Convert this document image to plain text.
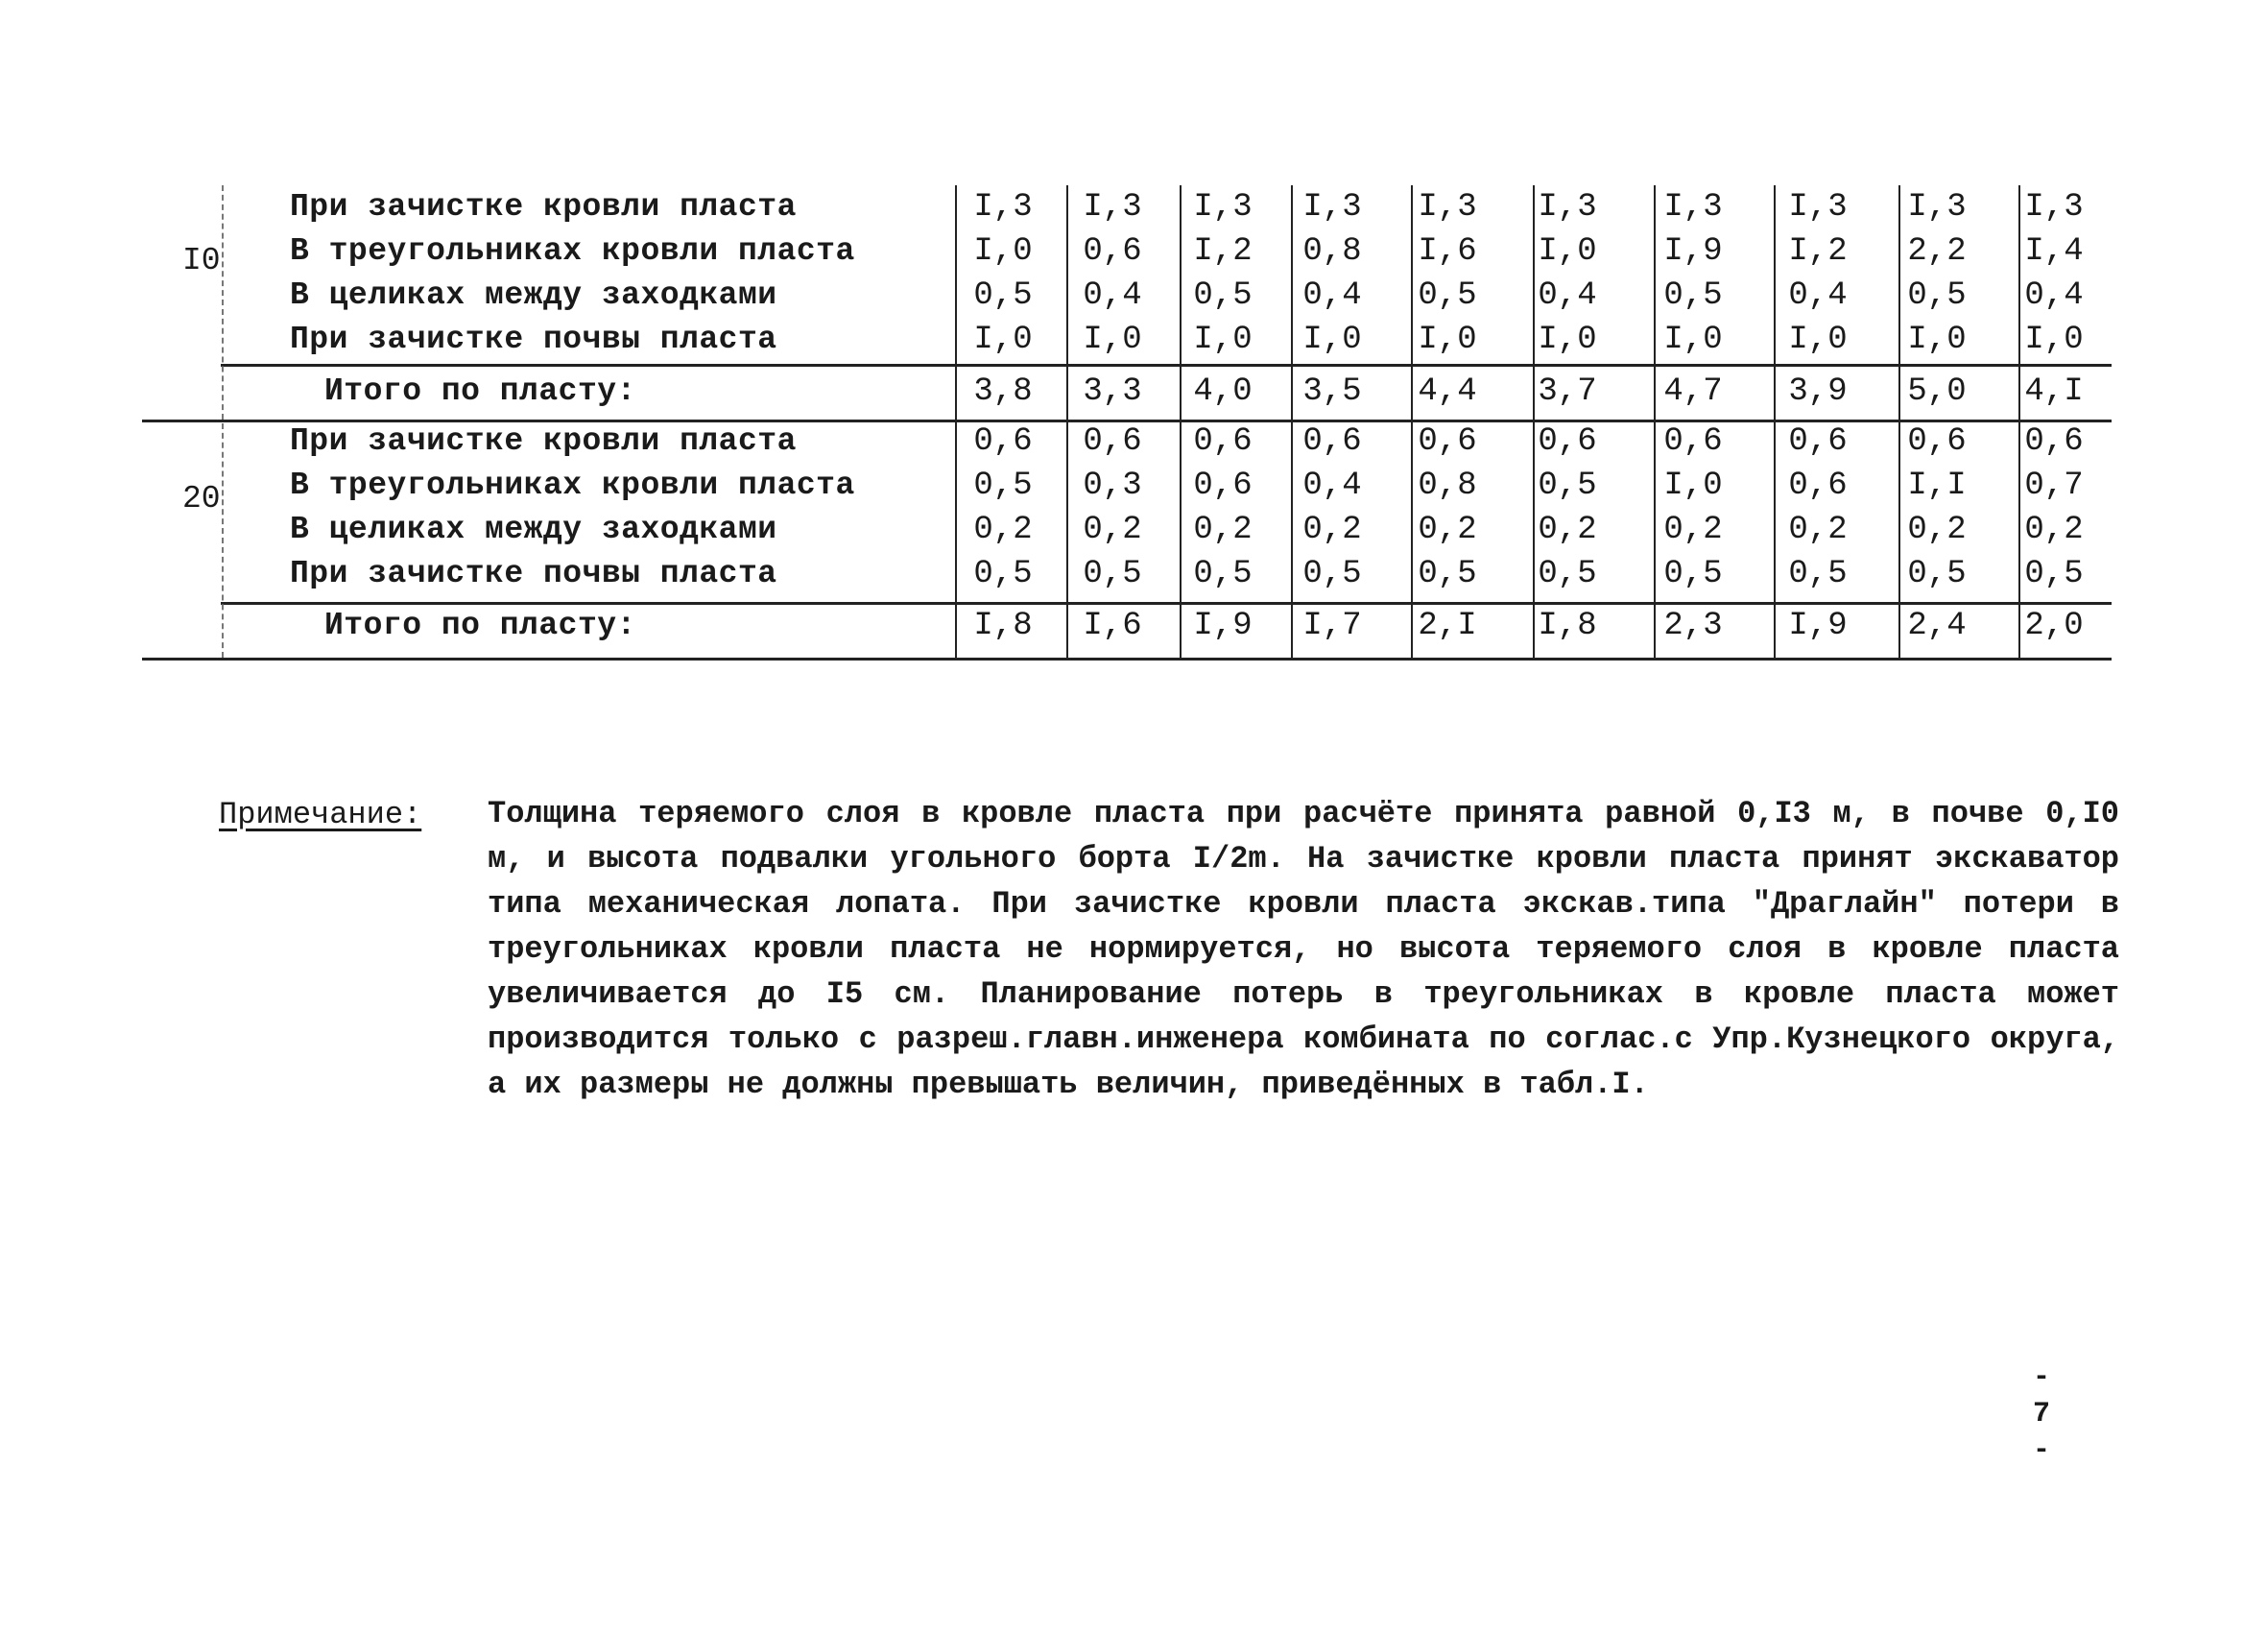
При зачистке кровли пласта	I,3 I,3 I,3 I,3 I,3 I,3 I,3 I,3 I,3 I,3
В треугольниках кровли пласта	I,0 0,6 I,2 0,8 I,6 I,0 I,9 I,2 2,2 I,4
В целиках между заходками	0,5 0,4 0,5 0,4 0,5 0,4 0,5 0,4 0,5 0,4
При зачистке почвы пласта	I,0 I,0 I,0 I,0 I,0 I,0 I,0 I,0 I,0 I,0
Итого по пласту:	3,8 3,3 4,0 3,5 4,4 3,7 4,7 3,9 5,0 4,I
I0
При зачистке кровли пласта	0,6 0,6 0,6 0,6 0,6 0,6 0,6 0,6 0,6 0,6
В треугольниках кровли пласта	0,5 0,3 0,6 0,4 0,8 0,5 I,0 0,6 I,I 0,7
В целиках между заходками	0,2 0,2 0,2 0,2 0,2 0,2 0,2 0,2 0,2 0,2
При зачистке почвы пласта	0,5 0,5 0,5 0,5 0,5 0,5 0,5 0,5 0,5 0,5
Итого по пласту:	I,8 I,6 I,9 I,7 2,I I,8 2,3 I,9 2,4 2,0
20
Примечание: Толщина теряемого слоя в кровле пласта при расчёте принята равной 0,I3 м, в почве 0,I0 м, и высота подвалки угольного борта I/2m. На зачистке кровли пласта принят экскаватор типа механическая лопата. При зачистке кровли пласта экскав.типа "Драглайн" потери в треугольниках кровли пласта не нормируется, но высота теряемого слоя в кровле пласта увеличивается до I5 см. Планирование потерь в треугольниках в кровле пласта может производится только с разреш.главн.инженера комбината по соглас.с Упр.Кузнецкого округа, а их размеры не должны превышать величин, приведённых в табл.I.
- 7 -
